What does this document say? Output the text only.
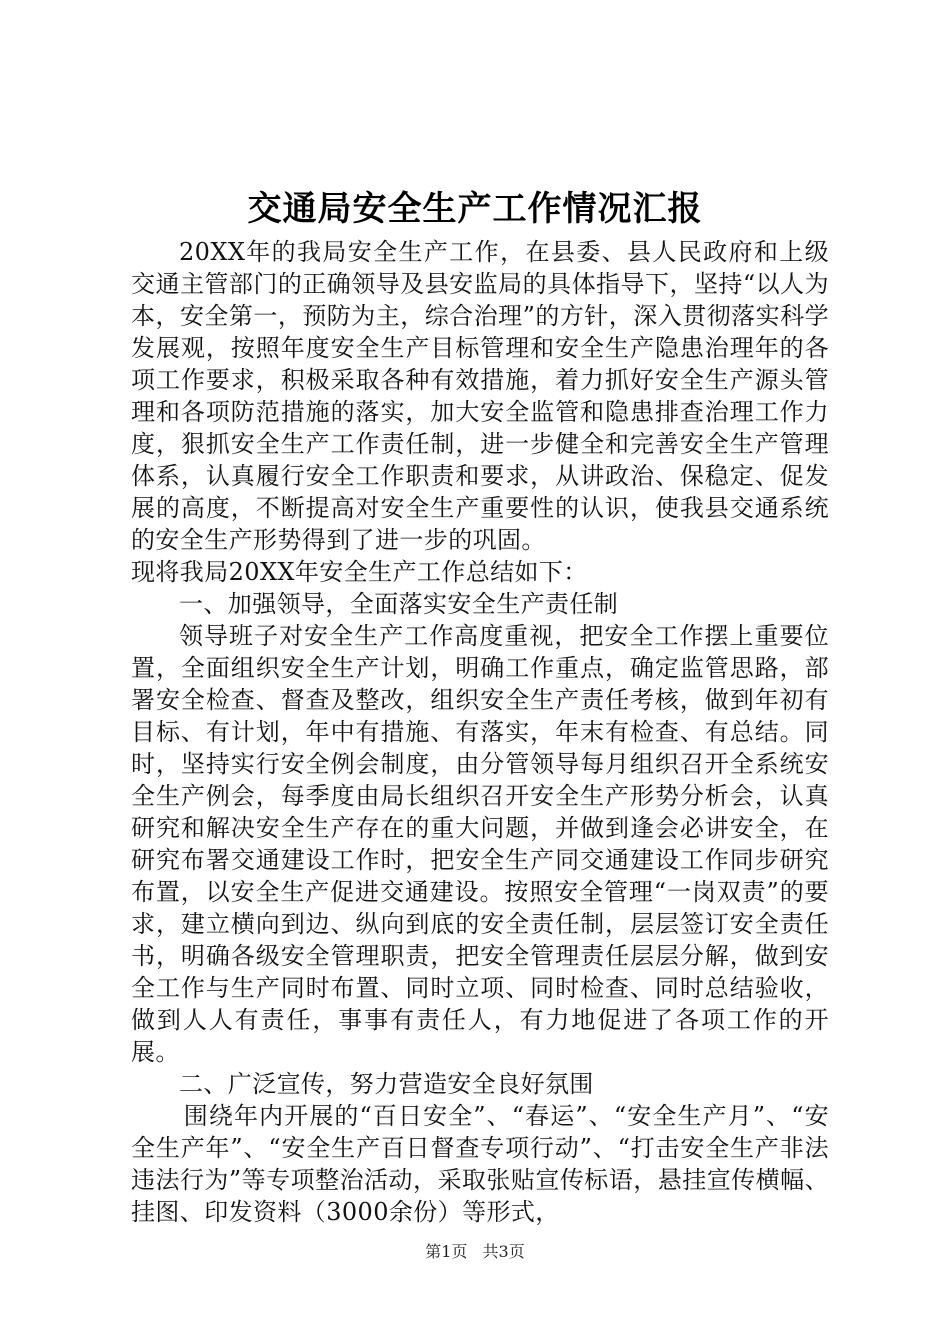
交通局安全生产工作情况汇报

20XX年的我局安全生产工作，在县委、县人民政府和上级交通主管部门的正确领导及县安监局的具体指导下，坚持“以人为本，安全第一，预防为主，综合治理”的方针，深入贯彻落实科学发展观，按照年度安全生产目标管理和安全生产隐患治理年的各项工作要求，积极采取各种有效措施，着力抓好安全生产源头管理和各项防范措施的落实，加大安全监管和隐患排查治理工作力度，狠抓安全生产工作责任制，进一步健全和完善安全生产管理体系，认真履行安全工作职责和要求，从讲政治、保稳定、促发展的高度，不断提高对安全生产重要性的认识，使我县交通系统的安全生产形势得到了进一步的巩固。

现将我局20XX年安全生产工作总结如下：

一、加强领导，全面落实安全生产责任制

领导班子对安全生产工作高度重视，把安全工作摆上重要位置，全面组织安全生产计划，明确工作重点，确定监管思路，部署安全检查、督查及整改，组织安全生产责任考核，做到年初有目标、有计划，年中有措施、有落实，年末有检查、有总结。同时，坚持实行安全例会制度，由分管领导每月组织召开全系统安全生产例会，每季度由局长组织召开安全生产形势分析会，认真研究和解决安全生产存在的重大问题，并做到逢会必讲安全，在研究布署交通建设工作时，把安全生产同交通建设工作同步研究布置，以安全生产促进交通建设。按照安全管理“一岗双责”的要求，建立横向到边、纵向到底的安全责任制，层层签订安全责任书，明确各级安全管理职责，把安全管理责任层层分解，做到安全工作与生产同时布置、同时立项、同时检查、同时总结验收，做到人人有责任，事事有责任人，有力地促进了各项工作的开展。

二、广泛宣传，努力营造安全良好氛围

围绕年内开展的“百日安全”、“春运”、“安全生产月”、“安全生产年”、“安全生产百日督查专项行动”、“打击安全生产非法违法行为”等专项整治活动，采取张贴宣传标语，悬挂宣传横幅、挂图、印发资料（3000余份）等形式，

第1页 共3页
